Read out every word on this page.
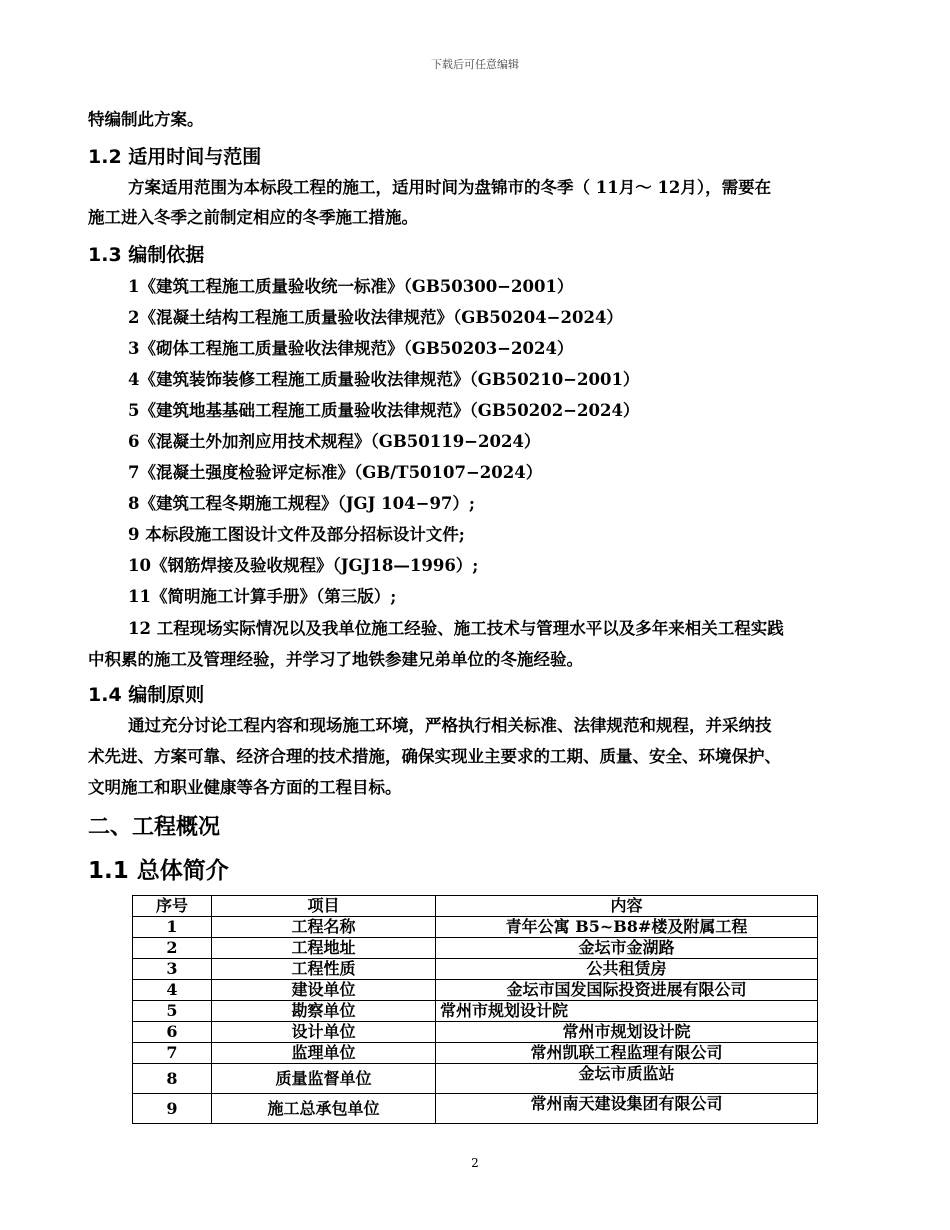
下载后可任意编辑
特编制此方案。
1.2 适用时间与范围
方案适用范围为本标段工程的施工，适用时间为盘锦市的冬季（ 11月～ 12月），需要在
施工进入冬季之前制定相应的冬季施工措施。
1.3 编制依据
1《建筑工程施工质量验收统一标准》（GB50300−2001）
2《混凝土结构工程施工质量验收法律规范》（GB50204−2024）
3《砌体工程施工质量验收法律规范》（GB50203−2024）
4《建筑装饰装修工程施工质量验收法律规范》（GB50210−2001）
5《建筑地基基础工程施工质量验收法律规范》（GB50202−2024）
6《混凝土外加剂应用技术规程》（GB50119−2024）
7《混凝土强度检验评定标准》（GB/T50107−2024）
8《建筑工程冬期施工规程》（JGJ 104−97）;
9 本标段施工图设计文件及部分招标设计文件;
10《钢筋焊接及验收规程》（JGJ18—1996）;
11《简明施工计算手册》（第三版）;
12 工程现场实际情况以及我单位施工经验、施工技术与管理水平以及多年来相关工程实践
中积累的施工及管理经验，并学习了地铁参建兄弟单位的冬施经验。
1.4 编制原则
通过充分讨论工程内容和现场施工环境，严格执行相关标准、法律规范和规程，并采纳技
术先进、方案可靠、经济合理的技术措施，确保实现业主要求的工期、质量、安全、环境保护、
文明施工和职业健康等各方面的工程目标。
二、工程概况
1.1 总体简介
序号	项目	内容
1	工程名称	青年公寓 B5~B8#楼及附属工程
2	工程地址	金坛市金湖路
3	工程性质	公共租赁房
4	建设单位	金坛市国发国际投资进展有限公司
5	勘察单位	常州市规划设计院
6	设计单位	常州市规划设计院
7	监理单位	常州凯联工程监理有限公司
8	质量监督单位	金坛市质监站
9	施工总承包单位	常州南天建设集团有限公司
2
